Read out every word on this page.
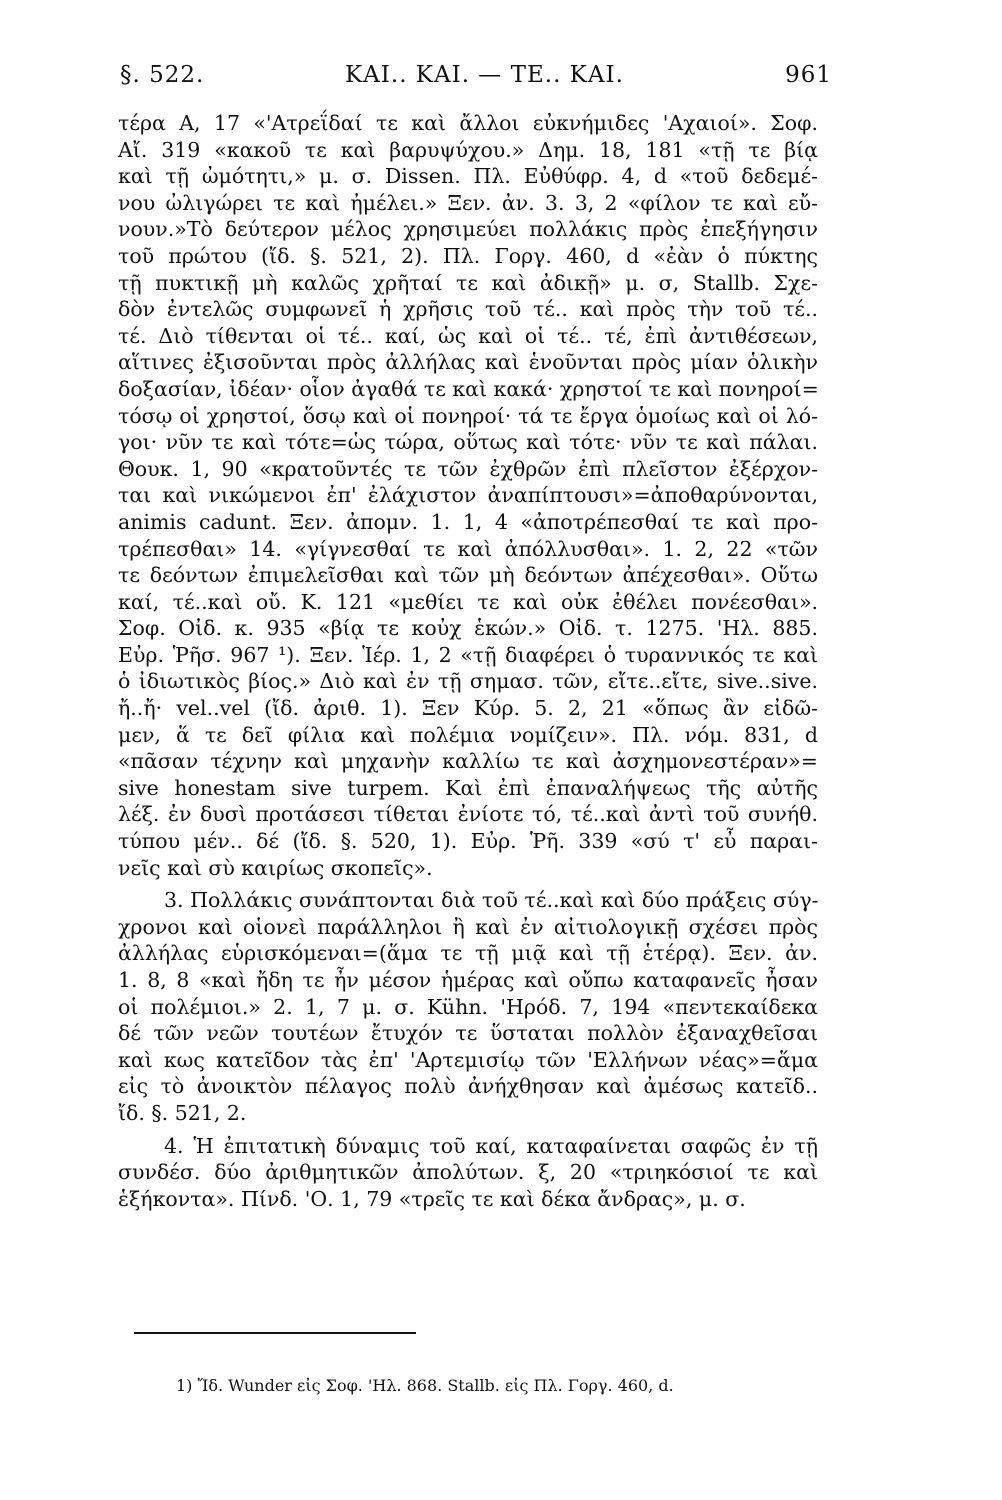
§. 522.	ΚΑΙ.. ΚΑΙ. — ΤΕ.. ΚΑΙ.	961
τέρα Α, 17 «'Ατρεΐδαί τε καὶ ἄλλοι εὐκνήμιδες 'Αχαιοί». Σοφ.
Αἴ. 319 «κακοῦ τε καὶ βαρυψύχου.» Δημ. 18, 181 «τῇ τε βίᾳ
καὶ τῇ ὠμότητι,» μ. σ. Dissen. Πλ. Εὐθύφρ. 4, d «τοῦ δεδεμέ-
νου ὠλιγώρει τε καὶ ἠμέλει.» Ξεν. ἀν. 3. 3, 2 «φίλον τε καὶ εὔ-
νουν.»Τὸ δεύτερον μέλος χρησιμεύει πολλάκις πρὸς ἐπεξήγησιν
τοῦ πρώτου (ἴδ. §. 521, 2). Πλ. Γοργ. 460, d «ἐὰν ὁ πύκτης
τῇ πυκτικῇ μὴ καλῶς χρῆταί τε καὶ ἀδικῇ» μ. σ, Stallb. Σχε-
δὸν ἐντελῶς συμφωνεῖ ἡ χρῆσις τοῦ τέ.. καὶ πρὸς τὴν τοῦ τέ..
τέ. Διὸ τίθενται οἱ τέ.. καί, ὡς καὶ οἱ τέ.. τέ, ἐπὶ ἀντιθέσεων,
αἵτινες ἐξισοῦνται πρὸς ἀλλήλας καὶ ἑνοῦνται πρὸς μίαν ὁλικὴν
δοξασίαν, ἰδέαν· οἷον ἀγαθά τε καὶ κακά· χρηστοί τε καὶ πονηροί=
τόσῳ οἱ χρηστοί, ὅσῳ καὶ οἱ πονηροί· τά τε ἔργα ὁμοίως καὶ οἱ λό-
γοι· νῦν τε καὶ τότε=ὡς τώρα, οὕτως καὶ τότε· νῦν τε καὶ πάλαι.
Θουκ. 1, 90 «κρατοῦντές τε τῶν ἐχθρῶν ἐπὶ πλεῖστον ἐξέρχον-
ται καὶ νικώμενοι ἐπ' ἐλάχιστον ἀναπίπτουσι»=ἀποθαρύνονται,
animis cadunt. Ξεν. ἀπομν. 1. 1, 4 «ἀποτρέπεσθαί τε καὶ προ-
τρέπεσθαι» 14. «γίγνεσθαί τε καὶ ἀπόλλυσθαι». 1. 2, 22 «τῶν
τε δεόντων ἐπιμελεῖσθαι καὶ τῶν μὴ δεόντων ἀπέχεσθαι». Οὕτω
καί, τέ..καὶ οὔ. Κ. 121 «μεθίει τε καὶ οὐκ ἐθέλει πονέεσθαι».
Σοφ. Οἰδ. κ. 935 «βίᾳ τε κοὐχ ἑκών.» Οἰδ. τ. 1275. 'Ηλ. 885.
Εὐρ. Ῥῆσ. 967 ¹). Ξεν. Ἱέρ. 1, 2 «τῇ διαφέρει ὁ τυραννικός τε καὶ
ὁ ἰδιωτικὸς βίος.» Διὸ καὶ ἐν τῇ σημασ. τῶν, εἴτε..εἴτε, sive..sive.
ἤ..ἤ· vel..vel (ἴδ. ἀριθ. 1). Ξεν Κύρ. 5. 2, 21 «ὅπως ἂν εἰδῶ-
μεν, ἅ τε δεῖ φίλια καὶ πολέμια νομίζειν». Πλ. νόμ. 831, d
«πᾶσαν τέχνην καὶ μηχανὴν καλλίω τε καὶ ἀσχημονεστέραν»=
sive honestam sive turpem. Καὶ ἐπὶ ἐπαναλήψεως τῆς αὐτῆς
λέξ. ἐν δυσὶ προτάσεσι τίθεται ἐνίοτε τό, τέ..καὶ ἀντὶ τοῦ συνήθ.
τύπου μέν.. δέ (ἴδ. §. 520, 1). Εὐρ. Ῥῆ. 339 «σύ τ' εὖ παραι-
νεῖς καὶ σὺ καιρίως σκοπεῖς».
3. Πολλάκις συνάπτονται διὰ τοῦ τέ..καὶ καὶ δύο πράξεις σύγ-
χρονοι καὶ οἱονεὶ παράλληλοι ἢ καὶ ἐν αἰτιολογικῇ σχέσει πρὸς
ἀλλήλας εὑρισκόμεναι=(ἅμα τε τῇ μιᾷ καὶ τῇ ἑτέρᾳ). Ξεν. ἀν.
1. 8, 8 «καὶ ἤδη τε ἦν μέσον ἡμέρας καὶ οὔπω καταφανεῖς ἦσαν
οἱ πολέμιοι.» 2. 1, 7 μ. σ. Kühn. 'Ηρόδ. 7, 194 «πεντεκαίδεκα
δέ τῶν νεῶν τουτέων ἔτυχόν τε ὕσταται πολλὸν ἐξαναχθεῖσαι
καὶ κως κατεῖδον τὰς ἐπ' 'Αρτεμισίῳ τῶν 'Ελλήνων νέας»=ἅμα
εἰς τὸ ἀνοικτὸν πέλαγος πολὺ ἀνήχθησαν καὶ ἀμέσως κατεῖδ..
ἴδ. §. 521, 2.
4. Ἡ ἐπιτατικὴ δύναμις τοῦ καί, καταφαίνεται σαφῶς ἐν τῇ
συνδέσ. δύο ἀριθμητικῶν ἀπολύτων. ξ, 20 «τριηκόσιοί τε καὶ
ἑξήκοντα». Πίνδ. 'Ο. 1, 79 «τρεῖς τε καὶ δέκα ἄνδρας», μ. σ.
1) Ἴδ. Wunder εἰς Σοφ. 'Ηλ. 868. Stallb. εἰς Πλ. Γοργ. 460, d.
